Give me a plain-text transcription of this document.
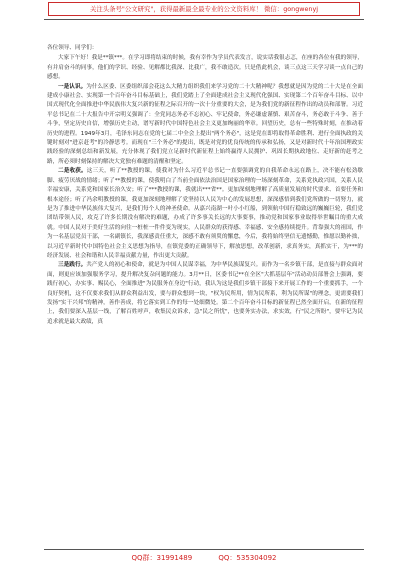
关注头条号"公文研究"，获得最新最全最专业的公文资料库！ 微信：gongwenyj

各位领导、同学们：

大家下午好！我是**镇***。在学习即将结束的时候，我有幸作为学员代表发言，说实话我很忐忑，在座的各位有我的领导，有并肩奋斗的同事，他们的学识、经验、见解都比我深、比我广，我不敢造次。只是借此机会，谈三点这三天学习谈一点自己的感想。

一是认识。为什么区委、区委组织部会花这么大精力组织我们来学习党的二十大精神呢？我想就是因为党的二十大是在全面建成小康社会、实现第一个百年奋斗目标基础上，我们党踏上了全面建成社会主义现代化强国、实现第二个百年奋斗目标、以中国式现代化全面推进中华民族伟大复兴新的征程之际召开的一次十分重要的大会，是为我们党的新征程作出的动员和部署。习近平总书记在二十大报告中开宗明义强调了：全党同志务必不忘初心、牢记使命，务必谦虚谨慎、艰苦奋斗，务必敢于斗争、善于斗争，坚定历史自信，增强历史主动，谱写新时代中国特色社会主义更加绚丽的华章。回望历史，总有一些特殊时刻，在推动着历史的进程。1949年3月，毛泽东同志在党的七届二中全会上提出"两个务必"，这是党在即将取得革命胜利、进行全面执政的关键时刻对"进京赶考"的冷静思考。而现在"三个务必"的提出，既是对党的优良传统的传承和弘扬，又是对新时代十年治国理政实践经验的深刻总结和新发展，充分体现了我们党立足新时代新征程上始终赢得人民拥护、巩固长期执政地位、走好新的赶考之路，所必须时刻保持的解决大党独有难题的清醒和坚定。

二是收获。这三天，听了**教授的课，使我对为什么习近平总书记一直要强调党的自我革命永远在路上，决不能有松劲歇脚、疲劳厌战的情绪；听了**教授的课，使我明白了当前全面依法治国是国家治理的一场深刻革命，关系党执政兴国，关系人民幸福安康，关系党和国家长治久安；听了***教授的课，我就出***省**。更加深刻地理解了高质量发展的时代要求、首要任务和根本途径；听了冯余明教授的课，我更加深刻地理解了党坚持以人民为中心的发展思想，深深感悟到我们党所做的一切努力，就是为了推进中华民族伟大复兴，是我们每个人的神圣使命。从嘉兴南湖一叶小小红船，到领航中国行稳致远的巍巍巨轮，我们党团结带领人民，攻克了许多长期没有解决的难题，办成了许多事关长远的大事要事，推动党和国家事业取得举世瞩目的重大成就。中国人民对于美好生活的向往一桩桩一件件变为现实，人民群众的获得感、幸福感、安全感持续提升。背靠强大的祖国，作为一名基层党员干部，一名副镇长，我深感责任重大，深感不敢有须臾的懈怠，今后，我将始终坚信无遗憾勤，惟愿以勤补拙，以习近平新时代中国特色社会主义思想为指导，在镇党委的正确领导下，解放思想，改革创新，求真务实，真抓实干，为***的经济发展、社会和谐和人民幸福贡献力量，作出更大贡献。

三是践行。共产党人的初心和使命，就是为中国人民谋幸福，为中华民族谋复兴。而作为一名乡镇干部，是直接与群众面对面，则更应该加强服务学习，提升解决复杂问题的能力。3月**日，区委书记**在全区"大抓基层年"活动动员部署会上强调，要践行初心，办实事、赐民心，全面推进"为民服务在身边"行动，我认为这是我们乡镇干部接下来开展工作的一个重要抓手，一个良好契机，这不仅要求我们从群众利益出发，要与群众想到一块，"权为民所用，情为民所系，利为民所谋"的理念，更需要我们发扬"实干兴邦"的精神，善作善成，将它落实到工作的每一处细微处。第二个百年奋斗目标的新征程已然全面开启，在新的征程上，我们要深入基层一线，了解百姓呼声，收集民众诉求，急"民之所忧"，也要务实办法，求实效，行"民之所盼"，要牢记为民追求就是最大政绩，真

QQ群：31991489	QQ：535304092
